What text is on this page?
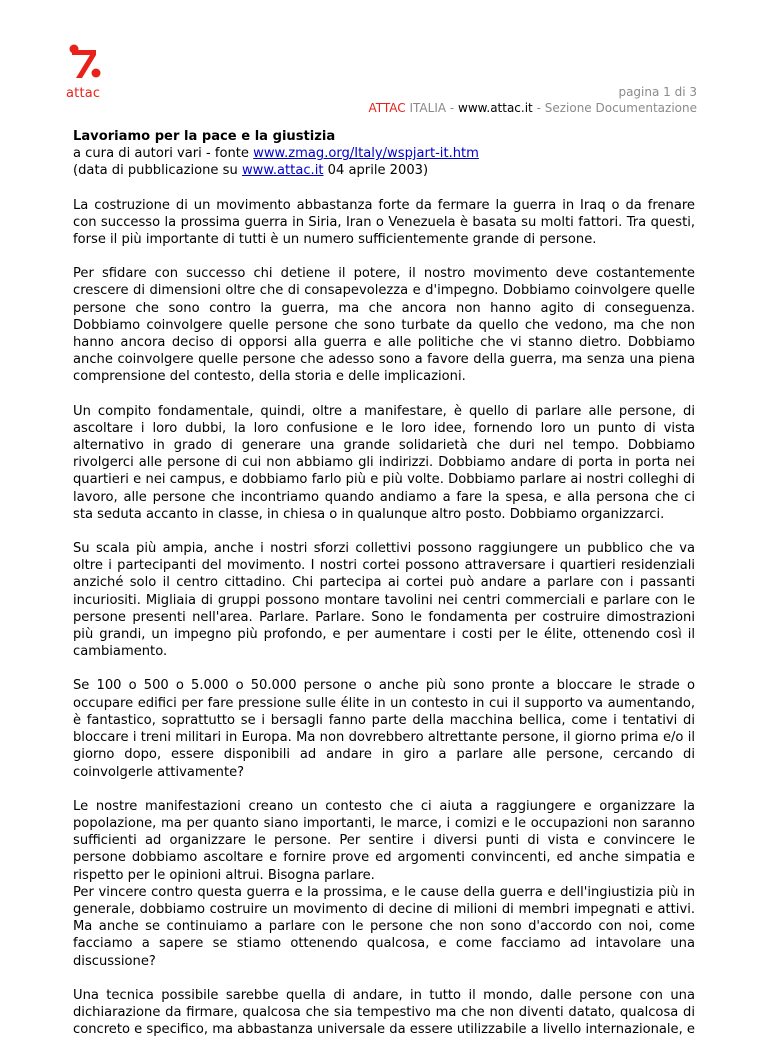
attac	pagina 1 di 3
ATTAC ITALIA - www.attac.it - Sezione Documentazione
Lavoriamo per la pace e la giustizia
a cura di autori vari - fonte www.zmag.org/Italy/wspjart-it.htm
(data di pubblicazione su www.attac.it 04 aprile 2003)

La costruzione di un movimento abbastanza forte da fermare la guerra in Iraq o da frenare con successo la prossima guerra in Siria, Iran o Venezuela è basata su molti fattori. Tra questi, forse il più importante di tutti è un numero sufficientemente grande di persone.

Per sfidare con successo chi detiene il potere, il nostro movimento deve costantemente crescere di dimensioni oltre che di consapevolezza e d'impegno. Dobbiamo coinvolgere quelle persone che sono contro la guerra, ma che ancora non hanno agito di conseguenza. Dobbiamo coinvolgere quelle persone che sono turbate da quello che vedono, ma che non hanno ancora deciso di opporsi alla guerra e alle politiche che vi stanno dietro. Dobbiamo anche coinvolgere quelle persone che adesso sono a favore della guerra, ma senza una piena comprensione del contesto, della storia e delle implicazioni.

Un compito fondamentale, quindi, oltre a manifestare, è quello di parlare alle persone, di ascoltare i loro dubbi, la loro confusione e le loro idee, fornendo loro un punto di vista alternativo in grado di generare una grande solidarietà che duri nel tempo. Dobbiamo rivolgerci alle persone di cui non abbiamo gli indirizzi. Dobbiamo andare di porta in porta nei quartieri e nei campus, e dobbiamo farlo più e più volte. Dobbiamo parlare ai nostri colleghi di lavoro, alle persone che incontriamo quando andiamo a fare la spesa, e alla persona che ci sta seduta accanto in classe, in chiesa o in qualunque altro posto. Dobbiamo organizzarci.

Su scala più ampia, anche i nostri sforzi collettivi possono raggiungere un pubblico che va oltre i partecipanti del movimento. I nostri cortei possono attraversare i quartieri residenziali anziché solo il centro cittadino. Chi partecipa ai cortei può andare a parlare con i passanti incuriositi. Migliaia di gruppi possono montare tavolini nei centri commerciali e parlare con le persone presenti nell'area. Parlare. Parlare. Sono le fondamenta per costruire dimostrazioni più grandi, un impegno più profondo, e per aumentare i costi per le élite, ottenendo così il cambiamento.

Se 100 o 500 o 5.000 o 50.000 persone o anche più sono pronte a bloccare le strade o occupare edifici per fare pressione sulle élite in un contesto in cui il supporto va aumentando, è fantastico, soprattutto se i bersagli fanno parte della macchina bellica, come i tentativi di bloccare i treni militari in Europa. Ma non dovrebbero altrettante persone, il giorno prima e/o il giorno dopo, essere disponibili ad andare in giro a parlare alle persone, cercando di coinvolgerle attivamente?

Le nostre manifestazioni creano un contesto che ci aiuta a raggiungere e organizzare la popolazione, ma per quanto siano importanti, le marce, i comizi e le occupazioni non saranno sufficienti ad organizzare le persone. Per sentire i diversi punti di vista e convincere le persone dobbiamo ascoltare e fornire prove ed argomenti convincenti, ed anche simpatia e rispetto per le opinioni altrui. Bisogna parlare.

Per vincere contro questa guerra e la prossima, e le cause della guerra e dell'ingiustizia più in generale, dobbiamo costruire un movimento di decine di milioni di membri impegnati e attivi. Ma anche se continuiamo a parlare con le persone che non sono d'accordo con noi, come facciamo a sapere se stiamo ottenendo qualcosa, e come facciamo ad intavolare una discussione?

Una tecnica possibile sarebbe quella di andare, in tutto il mondo, dalle persone con una dichiarazione da firmare, qualcosa che sia tempestivo ma che non diventi datato, qualcosa di concreto e specifico, ma abbastanza universale da essere utilizzabile a livello internazionale, e
